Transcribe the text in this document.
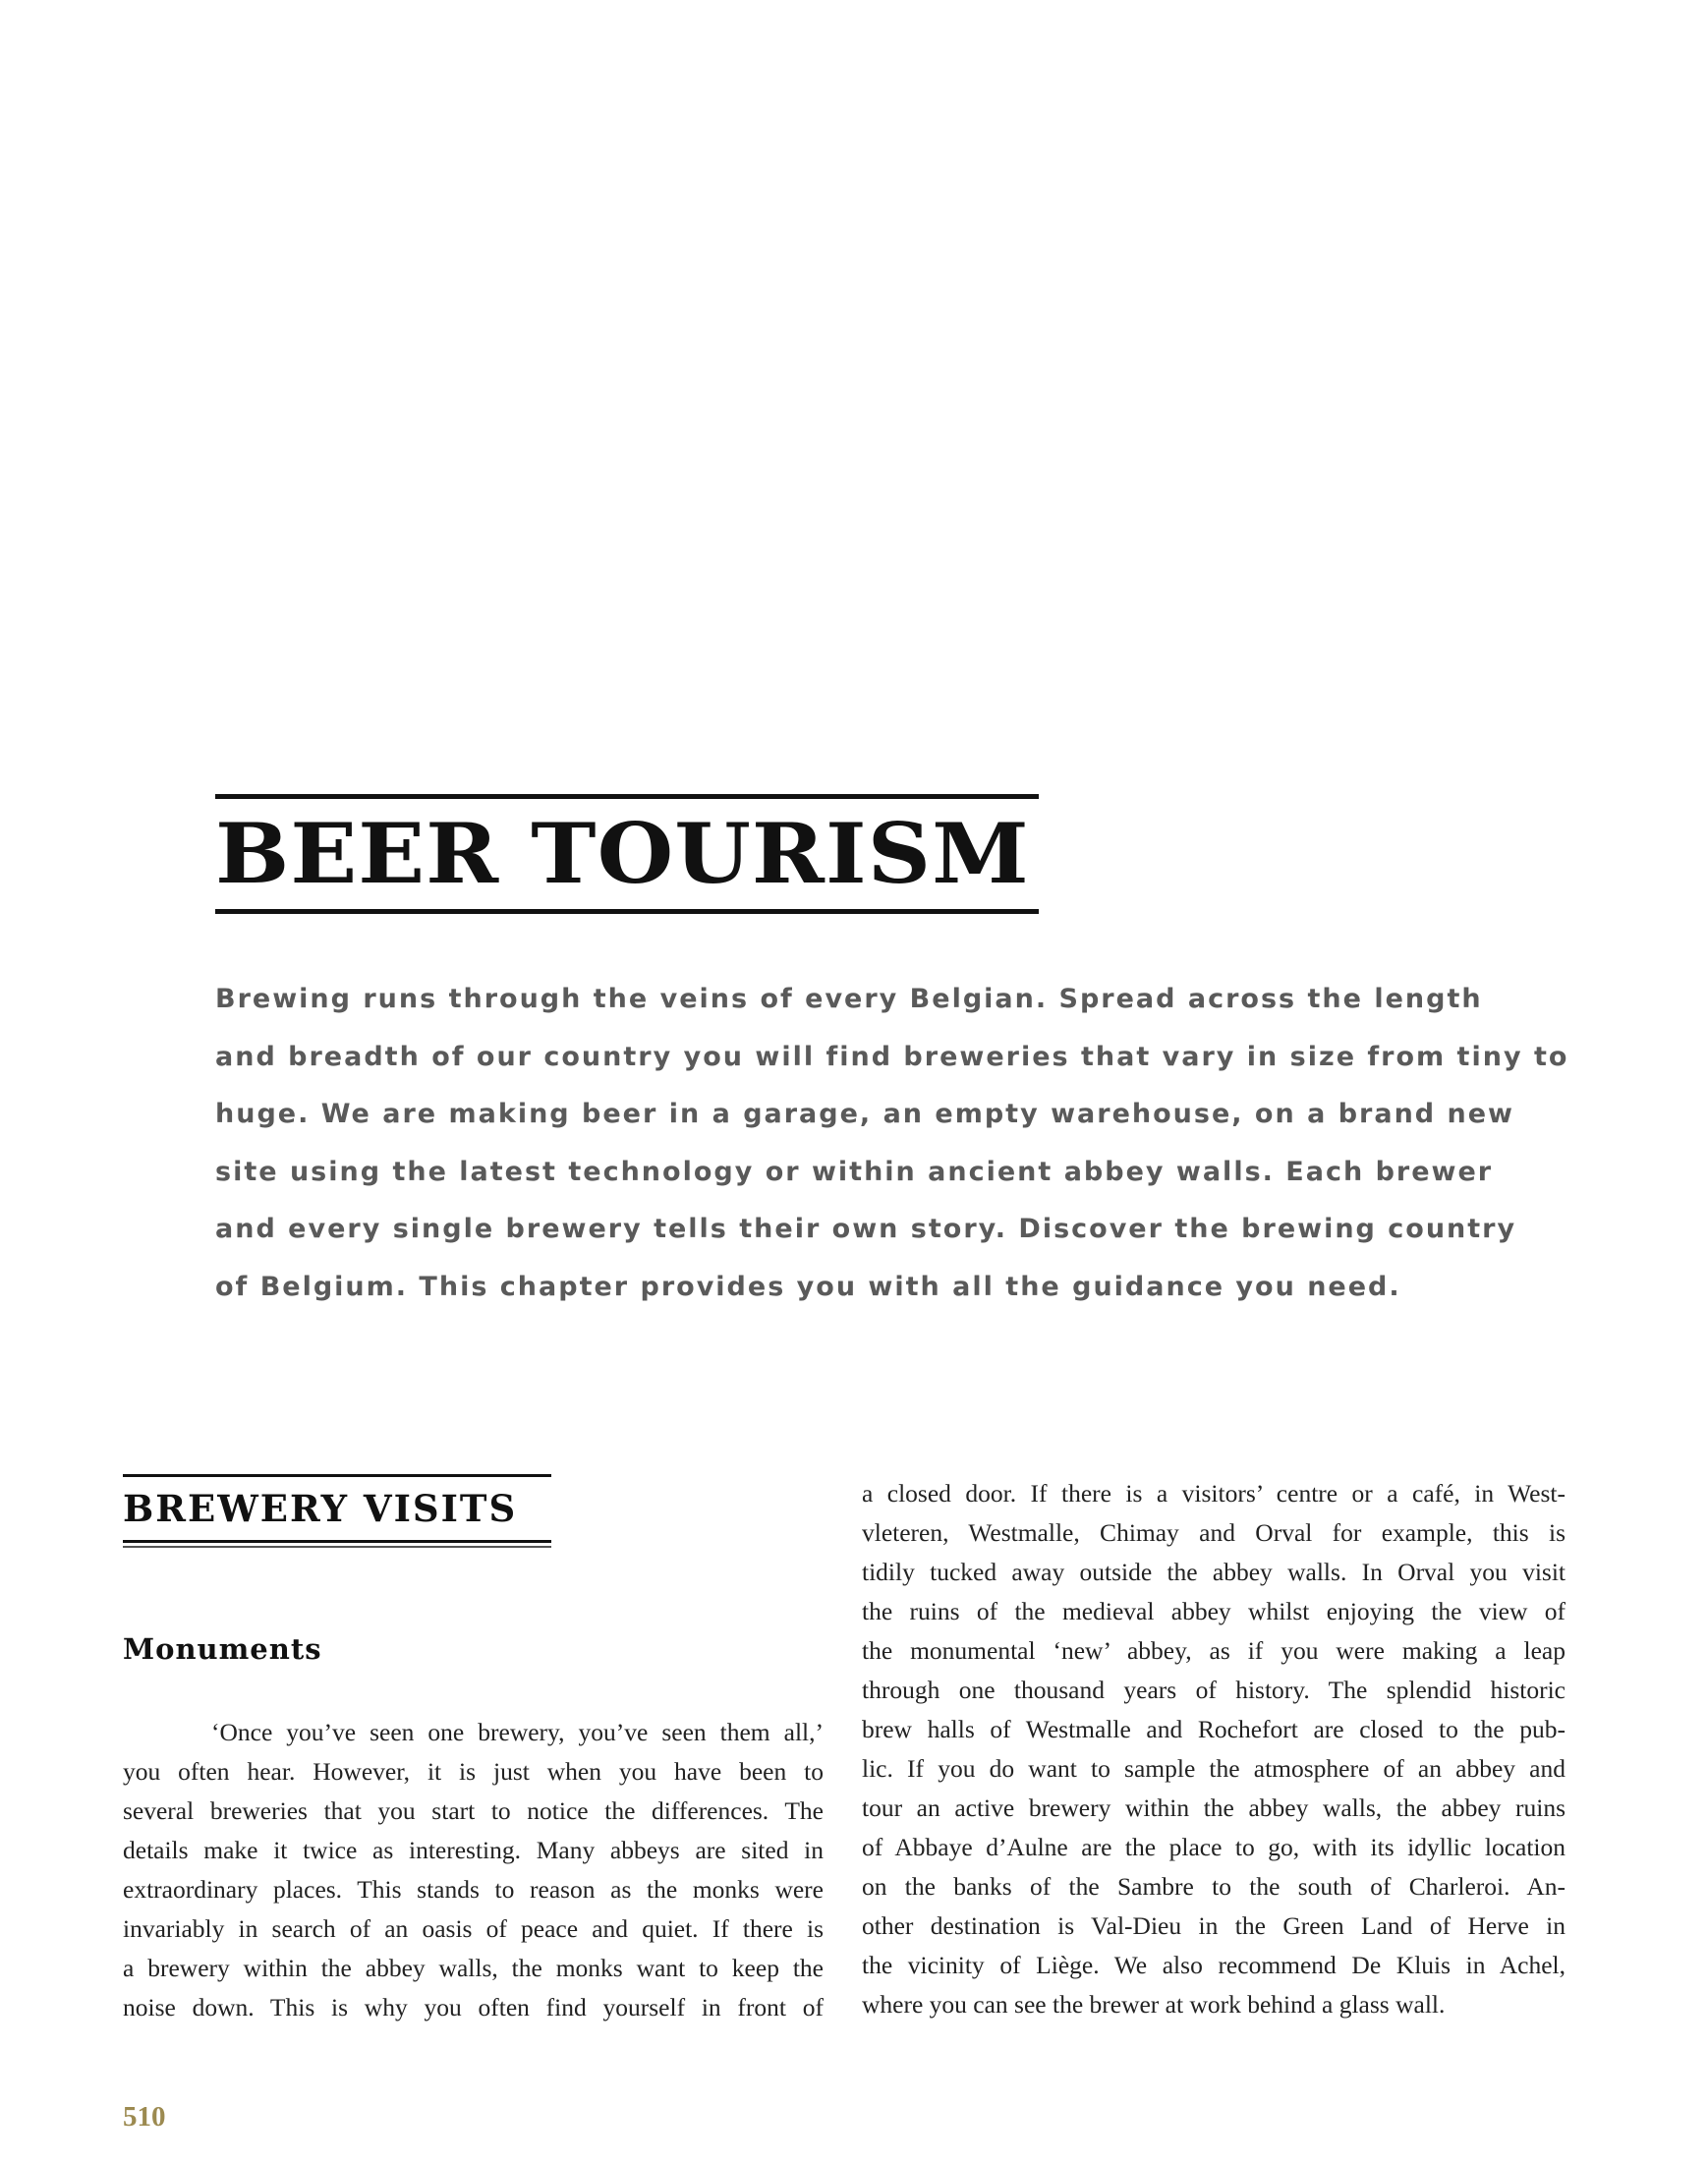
BEER TOURISM
Brewing runs through the veins of every Belgian. Spread across the length
and breadth of our country you will find breweries that vary in size from tiny to
huge. We are making beer in a garage, an empty warehouse, on a brand new
site using the latest technology or within ancient abbey walls. Each brewer
and every single brewery tells their own story. Discover the brewing country
of Belgium. This chapter provides you with all the guidance you need.
BREWERY VISITS
Monuments
‘Once you’ve seen one brewery, you’ve seen them all,’
you often hear. However, it is just when you have been to
several breweries that you start to notice the differences. The
details make it twice as interesting. Many abbeys are sited in
extraordinary places. This stands to reason as the monks were
invariably in search of an oasis of peace and quiet. If there is
a brewery within the abbey walls, the monks want to keep the
noise down. This is why you often find yourself in front of
a closed door. If there is a visitors’ centre or a café, in West-
vleteren, Westmalle, Chimay and Orval for example, this is
tidily tucked away outside the abbey walls. In Orval you visit
the ruins of the medieval abbey whilst enjoying the view of
the monumental ‘new’ abbey, as if you were making a leap
through one thousand years of history. The splendid historic
brew halls of Westmalle and Rochefort are closed to the pub-
lic. If you do want to sample the atmosphere of an abbey and
tour an active brewery within the abbey walls, the abbey ruins
of Abbaye d’Aulne are the place to go, with its idyllic location
on the banks of the Sambre to the south of Charleroi. An-
other destination is Val-Dieu in the Green Land of Herve in
the vicinity of Liège. We also recommend De Kluis in Achel,
where you can see the brewer at work behind a glass wall.
510
